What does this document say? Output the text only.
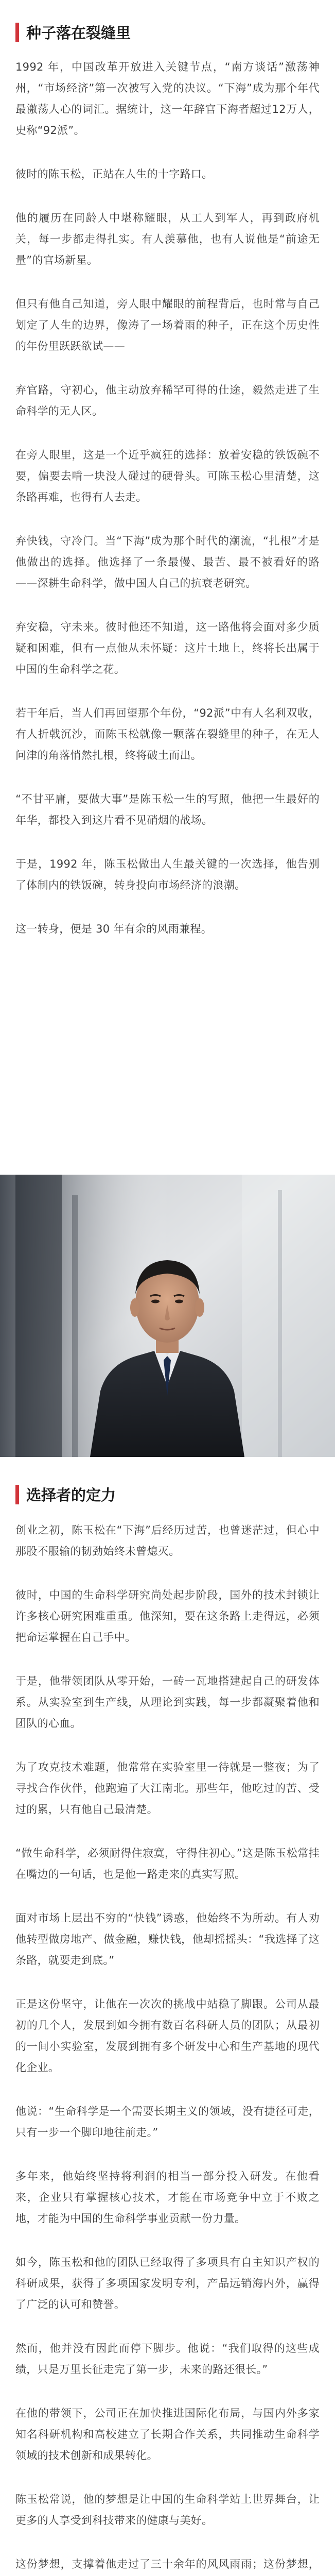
种子落在裂缝里

1992 年，中国改革开放进入关键节点，“南方谈话”激荡神州，“市场经济”第一次被写入党的决议。“下海”成为那个年代最激荡人心的词汇。据统计，这一年辞官下海者超过12万人，史称“92派”。

彼时的陈玉松，正站在人生的十字路口。

他的履历在同龄人中堪称耀眼，从工人到军人，再到政府机关，每一步都走得扎实。有人羡慕他，也有人说他是“前途无量”的官场新星。

但只有他自己知道，旁人眼中耀眼的前程背后，也时常与自己划定了人生的边界，像涛了一场着雨的种子，正在这个历史性的年份里跃跃欲试——

弃官路，守初心，他主动放弃稀罕可得的仕途，毅然走进了生命科学的无人区。

在旁人眼里，这是一个近乎疯狂的选择：放着安稳的铁饭碗不要，偏要去啃一块没人碰过的硬骨头。可陈玉松心里清楚，这条路再难，也得有人去走。

弃快钱，守冷门。当“下海”成为那个时代的潮流，“扎根”才是他做出的选择。他选择了一条最慢、最苦、最不被看好的路——深耕生命科学，做中国人自己的抗衰老研究。

弃安稳，守未来。彼时他还不知道，这一路他将会面对多少质疑和困难，但有一点他从未怀疑：这片土地上，终将长出属于中国的生命科学之花。

若干年后，当人们再回望那个年份，“92派”中有人名利双收，有人折戟沉沙，而陈玉松就像一颗落在裂缝里的种子，在无人问津的角落悄然扎根，终将破土而出。

“不甘平庸，要做大事”是陈玉松一生的写照，他把一生最好的年华，都投入到这片看不见硝烟的战场。

于是，1992 年，陈玉松做出人生最关键的一次选择，他告别了体制内的铁饭碗，转身投向市场经济的浪潮。

这一转身，便是 30 年有余的风雨兼程。

选择者的定力

创业之初，陈玉松在“下海”后经历过苦，也曾迷茫过，但心中那股不服输的韧劲始终未曾熄灭。

彼时，中国的生命科学研究尚处起步阶段，国外的技术封锁让许多核心研究困难重重。他深知，要在这条路上走得远，必须把命运掌握在自己手中。

于是，他带领团队从零开始，一砖一瓦地搭建起自己的研发体系。从实验室到生产线，从理论到实践，每一步都凝聚着他和团队的心血。

为了攻克技术难题，他常常在实验室里一待就是一整夜；为了寻找合作伙伴，他跑遍了大江南北。那些年，他吃过的苦、受过的累，只有他自己最清楚。

“做生命科学，必须耐得住寂寞，守得住初心。”这是陈玉松常挂在嘴边的一句话，也是他一路走来的真实写照。

面对市场上层出不穷的“快钱”诱惑，他始终不为所动。有人劝他转型做房地产、做金融，赚快钱，他却摇摇头：“我选择了这条路，就要走到底。”

正是这份坚守，让他在一次次的挑战中站稳了脚跟。公司从最初的几个人，发展到如今拥有数百名科研人员的团队；从最初的一间小实验室，发展到拥有多个研发中心和生产基地的现代化企业。

他说：“生命科学是一个需要长期主义的领域，没有捷径可走，只有一步一个脚印地往前走。”

多年来，他始终坚持将利润的相当一部分投入研发。在他看来，企业只有掌握核心技术，才能在市场竞争中立于不败之地，才能为中国的生命科学事业贡献一份力量。

如今，陈玉松和他的团队已经取得了多项具有自主知识产权的科研成果，获得了多项国家发明专利，产品远销海内外，赢得了广泛的认可和赞誉。

然而，他并没有因此而停下脚步。他说：“我们取得的这些成绩，只是万里长征走完了第一步，未来的路还很长。”

在他的带领下，公司正在加快推进国际化布局，与国内外多家知名科研机构和高校建立了长期合作关系，共同推动生命科学领域的技术创新和成果转化。

陈玉松常说，他的梦想是让中国的生命科学站上世界舞台，让更多的人享受到科技带来的健康与美好。

这份梦想，支撑着他走过了三十余年的风风雨雨；这份梦想，
